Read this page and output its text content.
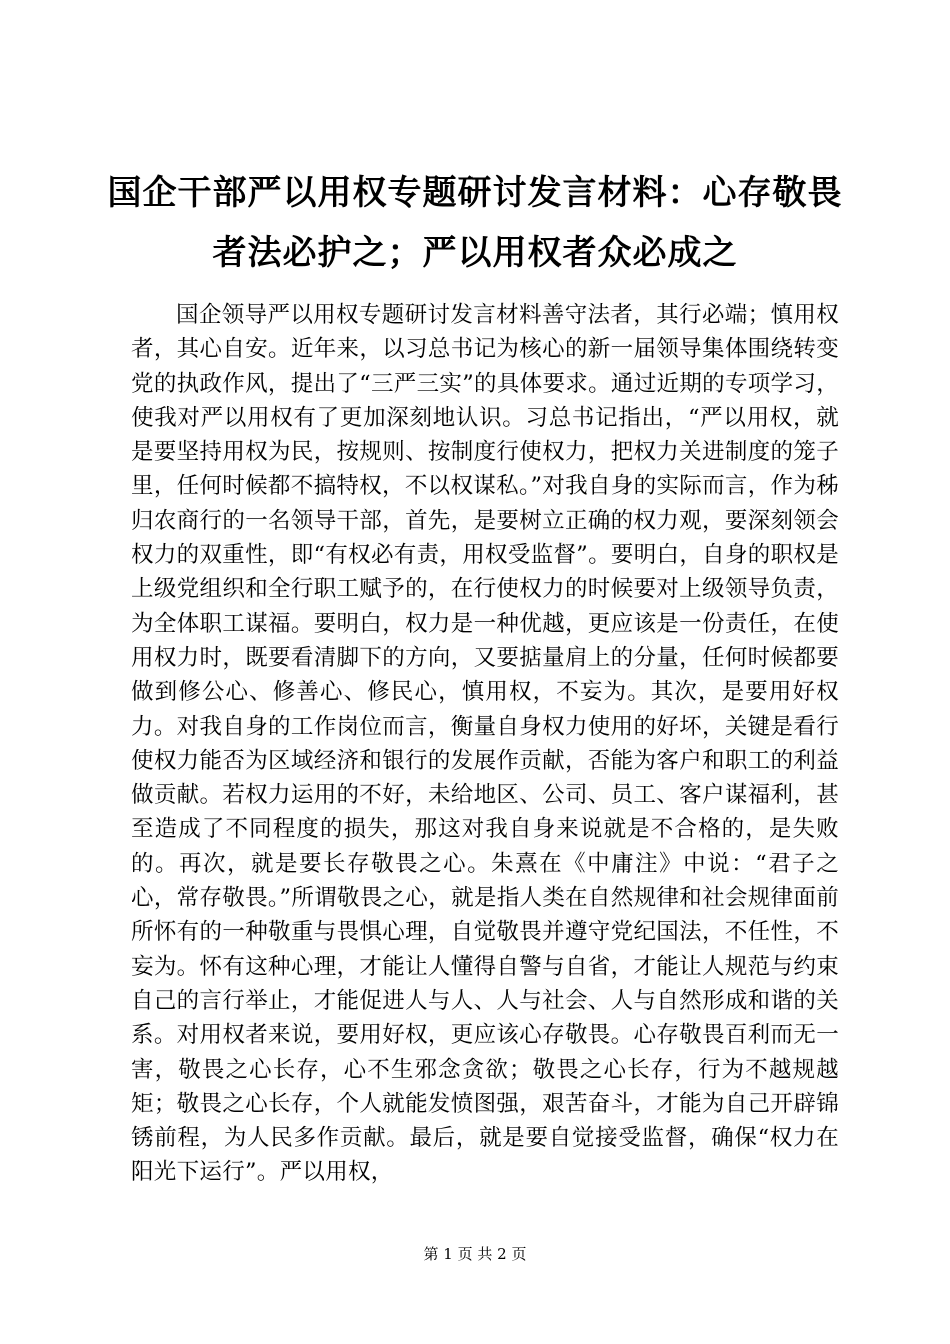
国企干部严以用权专题研讨发言材料：心存敬畏者法必护之；严以用权者众必成之

国企领导严以用权专题研讨发言材料善守法者，其行必端；慎用权者，其心自安。近年来，以习总书记为核心的新一届领导集体围绕转变党的执政作风，提出了“三严三实”的具体要求。通过近期的专项学习，使我对严以用权有了更加深刻地认识。习总书记指出，“严以用权，就是要坚持用权为民，按规则、按制度行使权力，把权力关进制度的笼子里，任何时候都不搞特权，不以权谋私。”对我自身的实际而言，作为秭归农商行的一名领导干部，首先，是要树立正确的权力观，要深刻领会权力的双重性，即“有权必有责，用权受监督”。要明白，自身的职权是上级党组织和全行职工赋予的，在行使权力的时候要对上级领导负责，为全体职工谋福。要明白，权力是一种优越，更应该是一份责任，在使用权力时，既要看清脚下的方向，又要掂量肩上的分量，任何时候都要做到修公心、修善心、修民心，慎用权，不妄为。其次，是要用好权力。对我自身的工作岗位而言，衡量自身权力使用的好坏，关键是看行使权力能否为区域经济和银行的发展作贡献，否能为客户和职工的利益做贡献。若权力运用的不好，未给地区、公司、员工、客户谋福利，甚至造成了不同程度的损失，那这对我自身来说就是不合格的，是失败的。再次，就是要长存敬畏之心。朱熹在《中庸注》中说：“君子之心，常存敬畏。”所谓敬畏之心，就是指人类在自然规律和社会规律面前所怀有的一种敬重与畏惧心理，自觉敬畏并遵守党纪国法，不任性，不妄为。怀有这种心理，才能让人懂得自警与自省，才能让人规范与约束自己的言行举止，才能促进人与人、人与社会、人与自然形成和谐的关系。对用权者来说，要用好权，更应该心存敬畏。心存敬畏百利而无一害，敬畏之心长存，心不生邪念贪欲；敬畏之心长存，行为不越规越矩；敬畏之心长存，个人就能发愤图强，艰苦奋斗，才能为自己开辟锦锈前程，为人民多作贡献。最后，就是要自觉接受监督，确保“权力在阳光下运行”。严以用权，

第 1 页 共 2 页
